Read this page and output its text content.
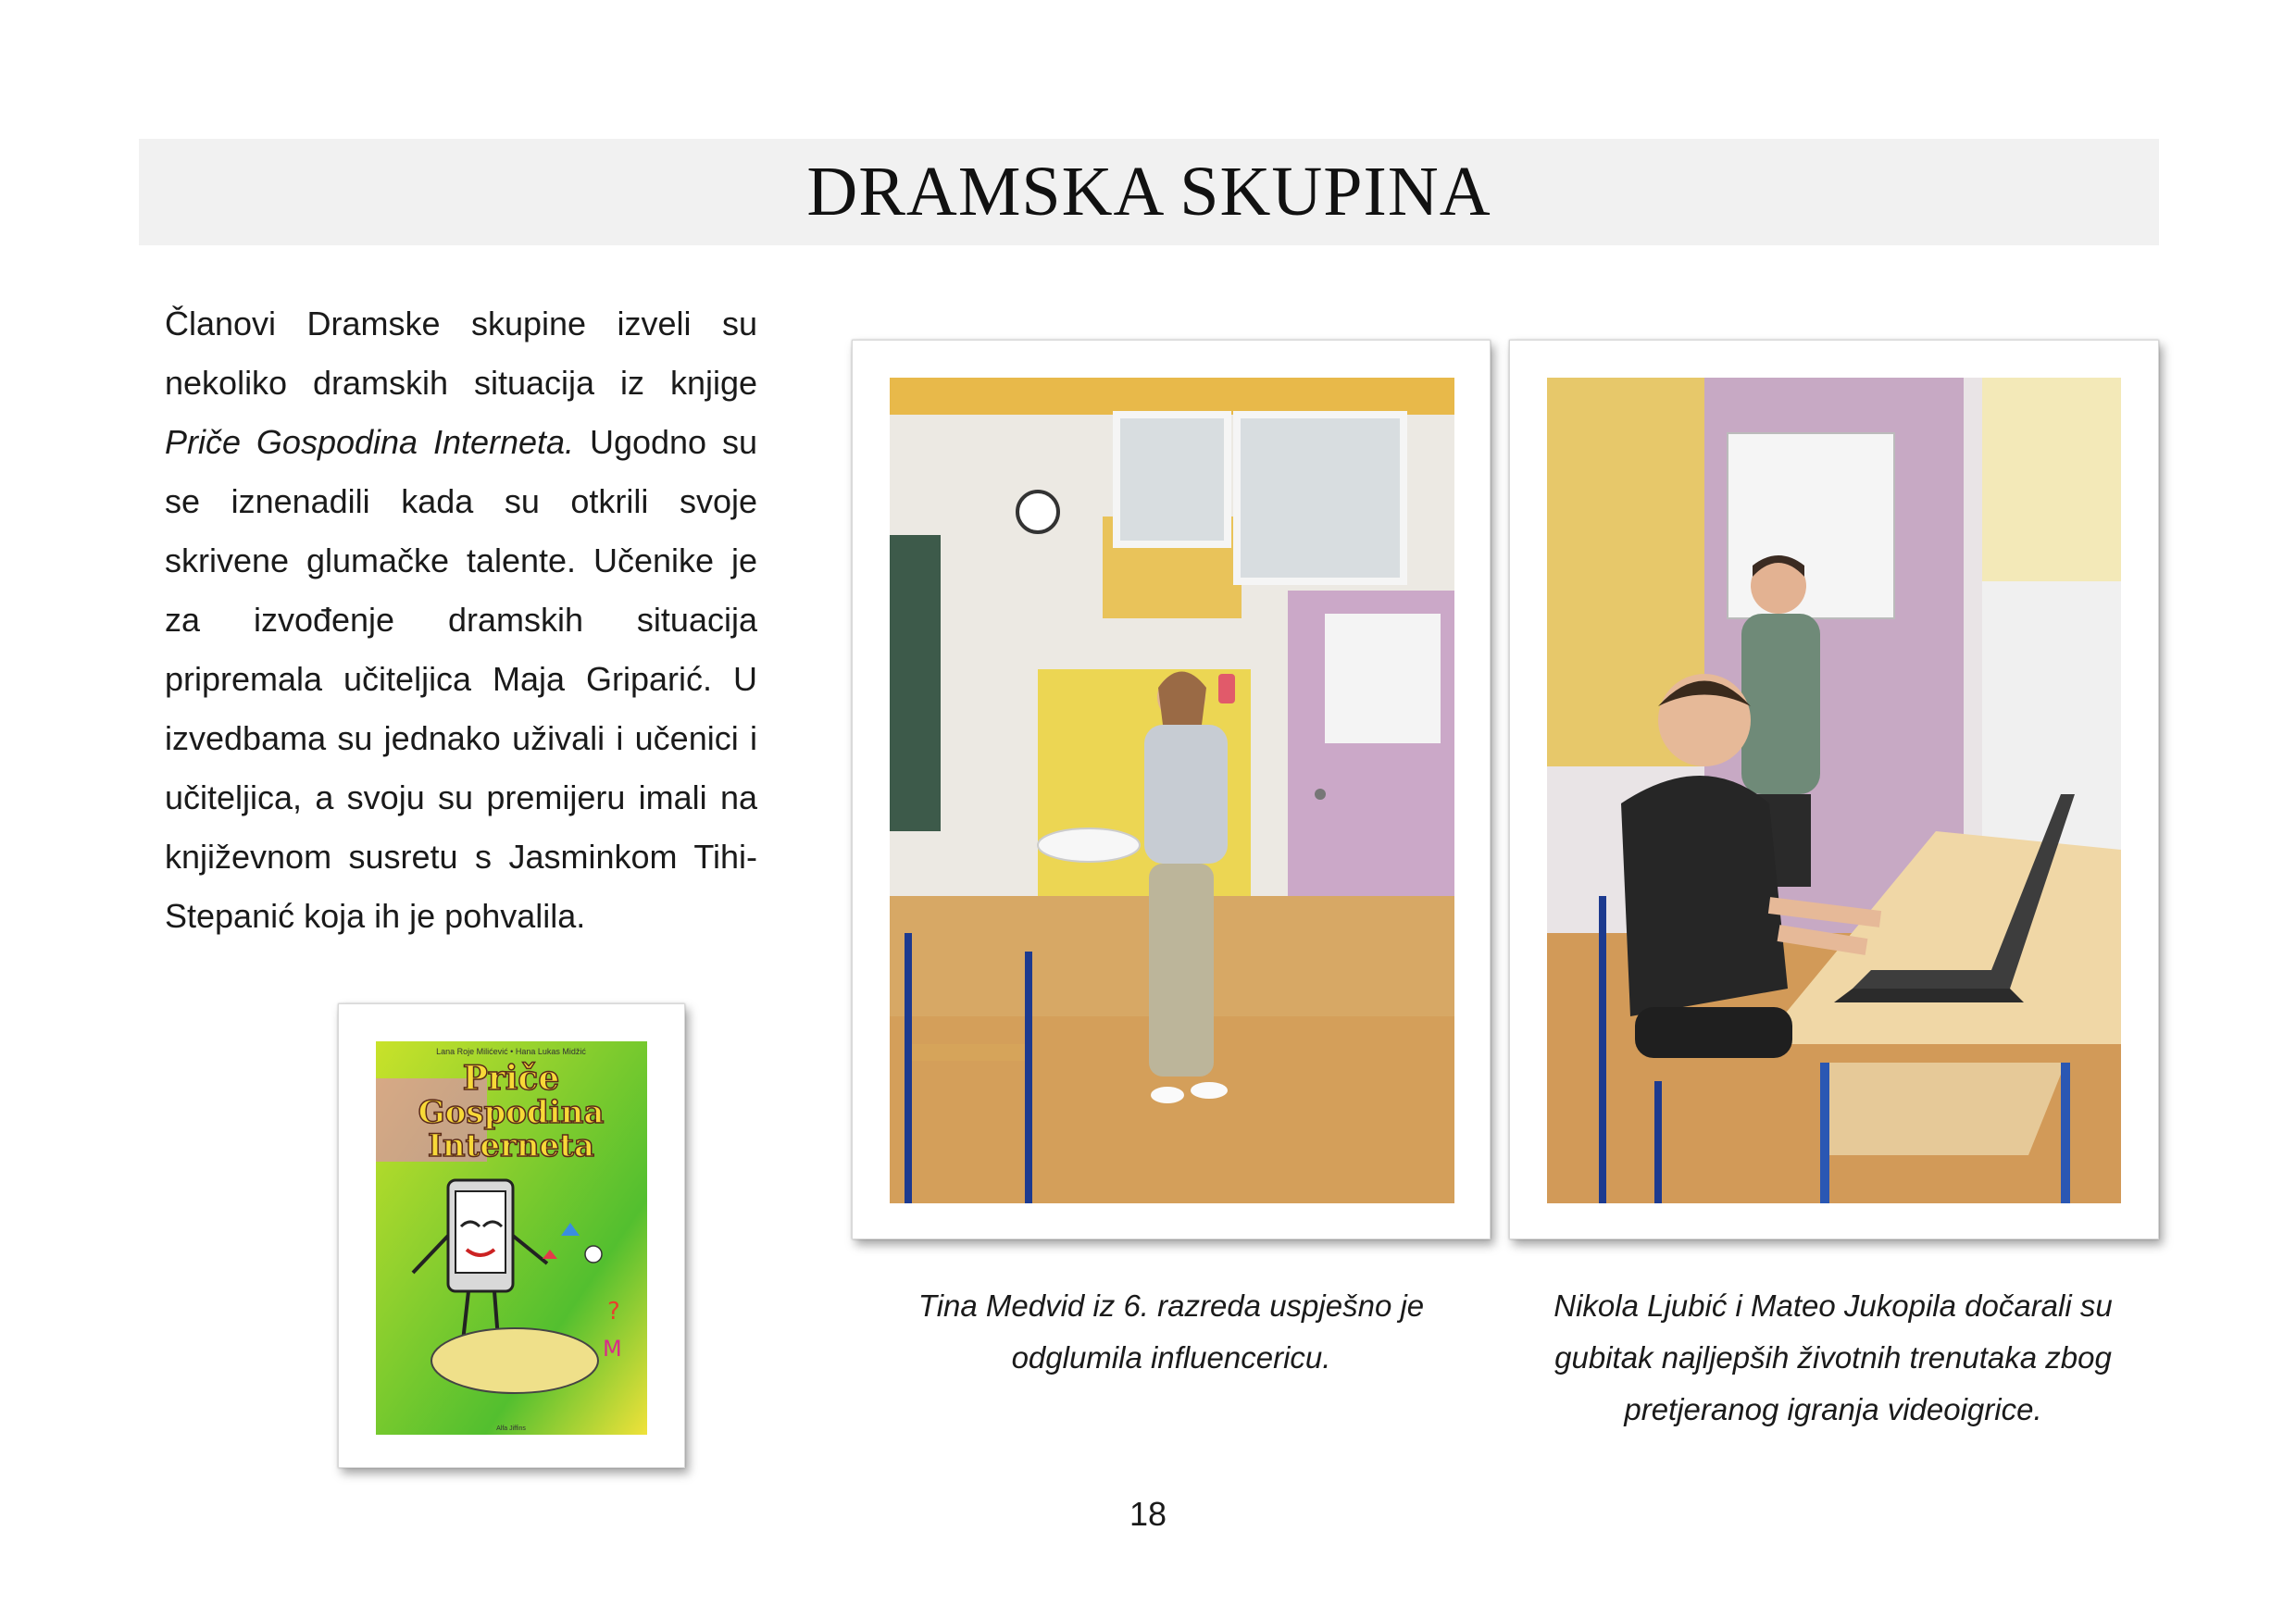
DRAMSKA SKUPINA

Članovi Dramske skupine izveli su nekoliko dramskih situacija iz knjige Priče Gospodina Interneta. Ugodno su se iznenadili kada su otkrili svoje skrivene glumačke talente. Učenike je za izvođenje dramskih situacija pripremala učiteljica Maja Griparić. U izvedbama su jednako uživali i učenici i učiteljica, a svoju su premijeru imali na književnom susretu s Jasminkom Tihi-Stepanić koja ih je pohvalila.

Lana Roje Milićević • Hana Lukas Midžić
Priče
Gospodina
Interneta
?
M
Alfa Jiffins
Tina Medvid iz 6. razreda uspješno je odglumila influencericu.
Nikola Ljubić i Mateo Jukopila dočarali su gubitak najljepših životnih trenutaka zbog pretjeranog igranja videoigrice.
18
